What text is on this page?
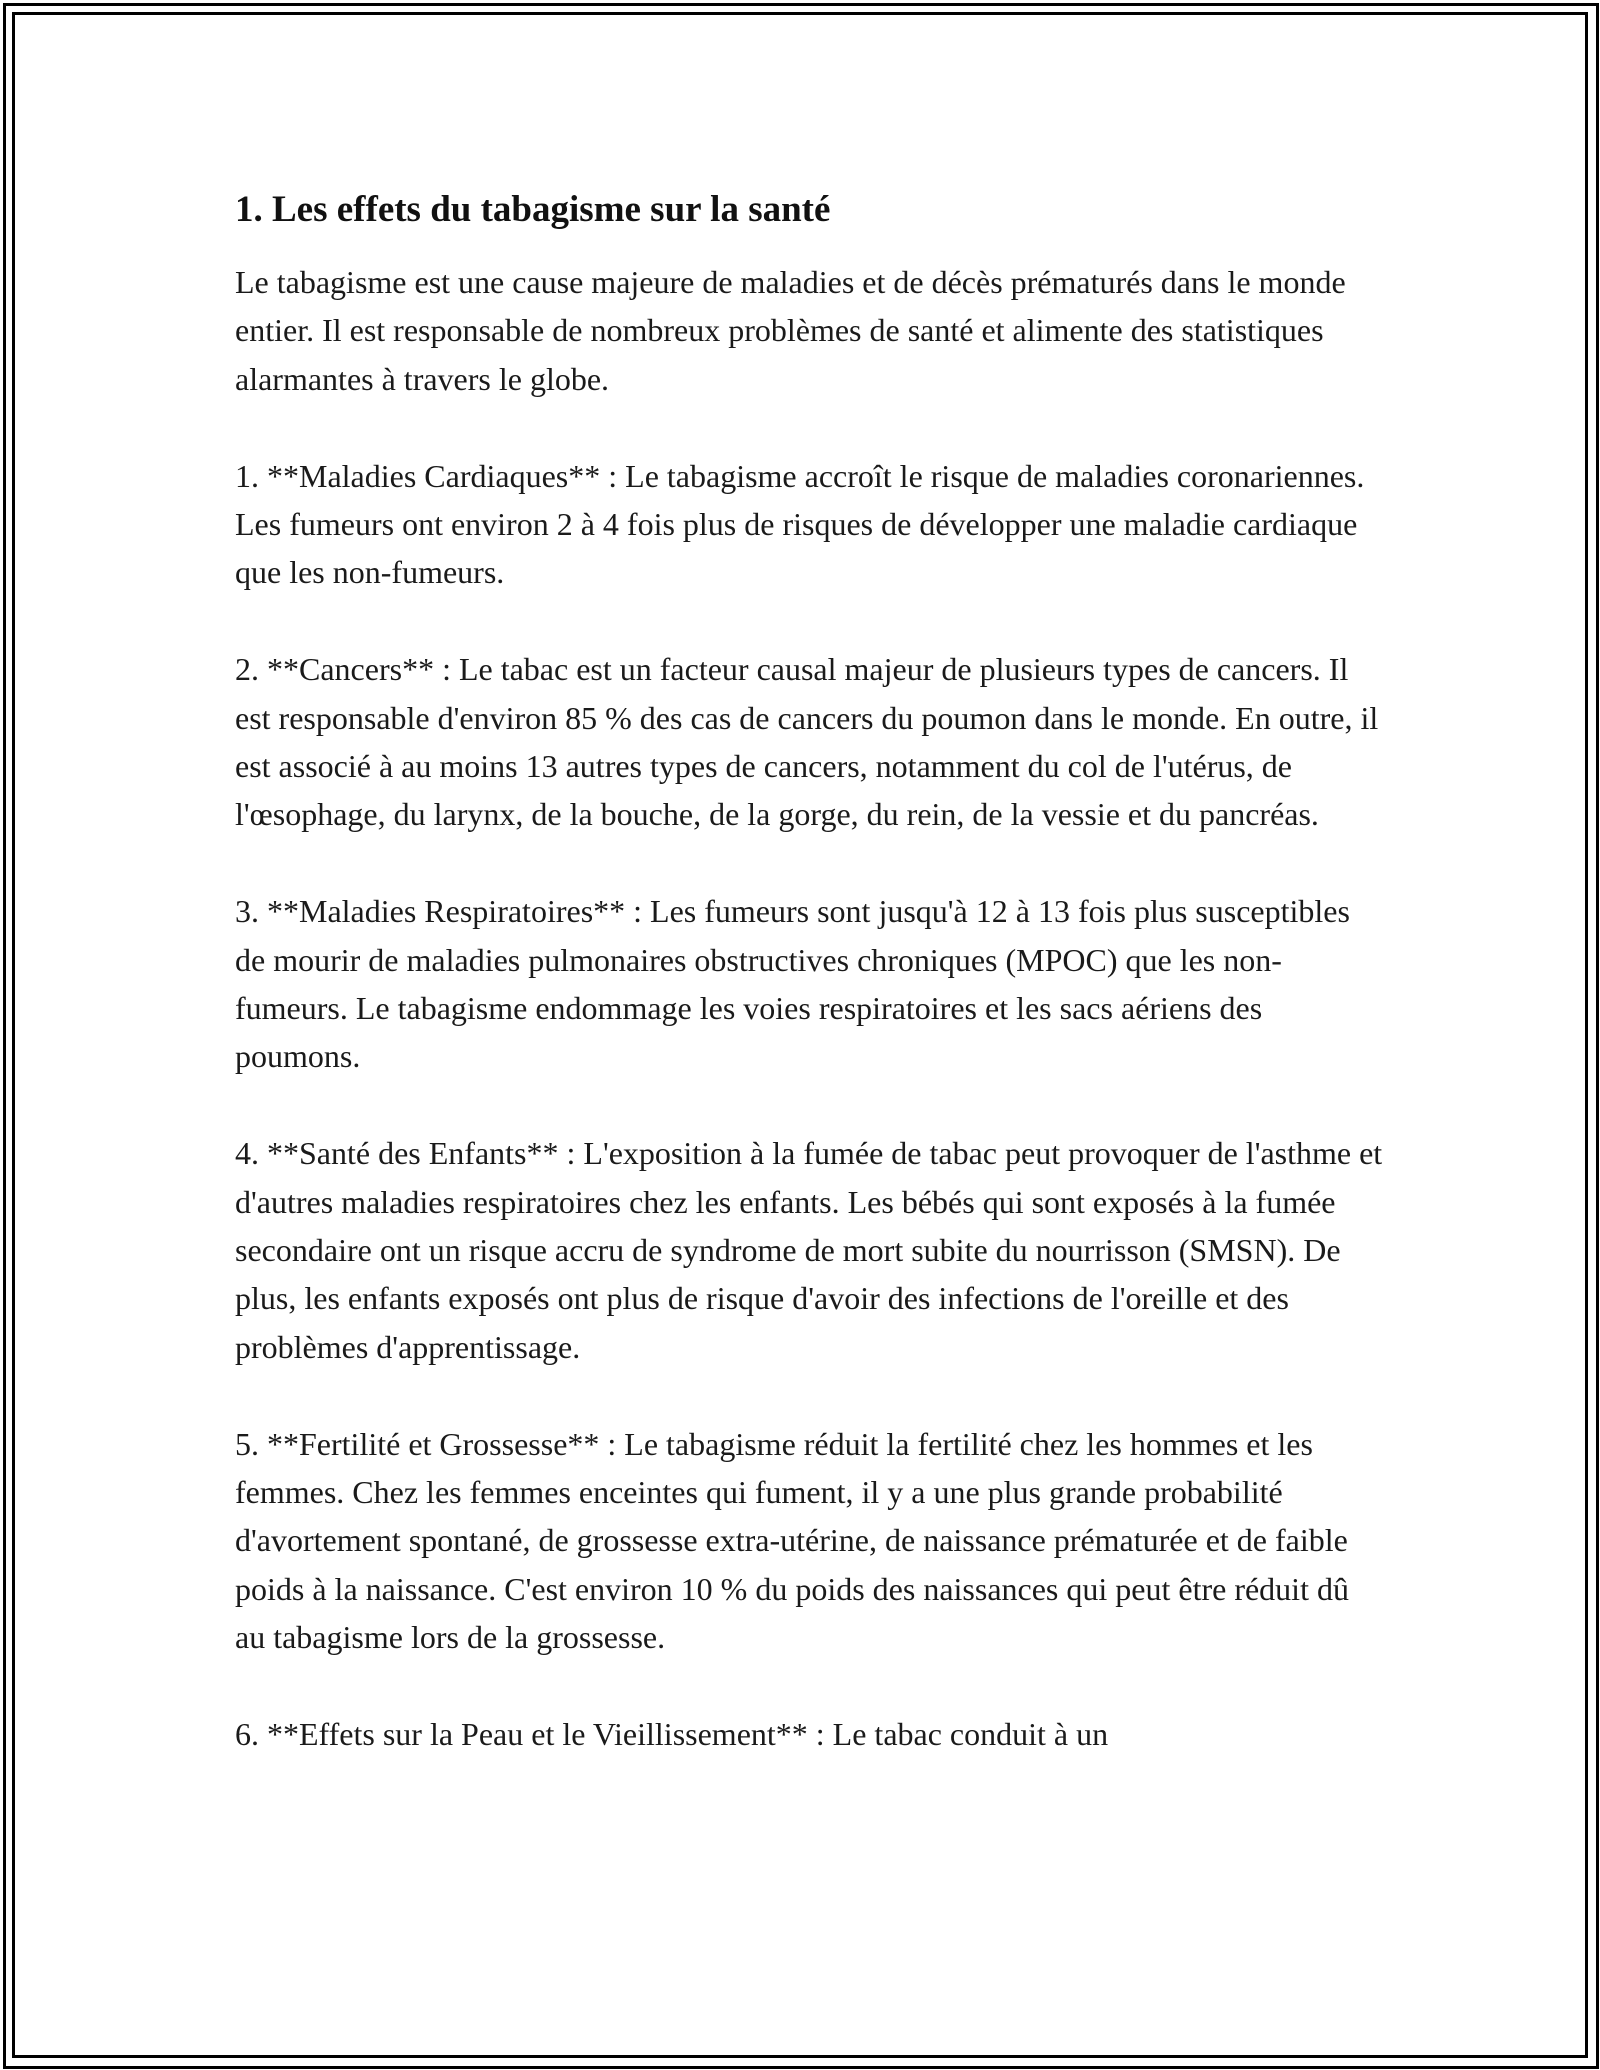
1. Les effets du tabagisme sur la santé

Le tabagisme est une cause majeure de maladies et de décès prématurés dans le monde entier. Il est responsable de nombreux problèmes de santé et alimente des statistiques alarmantes à travers le globe.

1. **Maladies Cardiaques** : Le tabagisme accroît le risque de maladies coronariennes. Les fumeurs ont environ 2 à 4 fois plus de risques de développer une maladie cardiaque que les non-fumeurs.

2. **Cancers** : Le tabac est un facteur causal majeur de plusieurs types de cancers. Il est responsable d'environ 85 % des cas de cancers du poumon dans le monde. En outre, il est associé à au moins 13 autres types de cancers, notamment du col de l'utérus, de l'œsophage, du larynx, de la bouche, de la gorge, du rein, de la vessie et du pancréas.

3. **Maladies Respiratoires** : Les fumeurs sont jusqu'à 12 à 13 fois plus susceptibles de mourir de maladies pulmonaires obstructives chroniques (MPOC) que les non-fumeurs. Le tabagisme endommage les voies respiratoires et les sacs aériens des poumons.

4. **Santé des Enfants** : L'exposition à la fumée de tabac peut provoquer de l'asthme et d'autres maladies respiratoires chez les enfants. Les bébés qui sont exposés à la fumée secondaire ont un risque accru de syndrome de mort subite du nourrisson (SMSN). De plus, les enfants exposés ont plus de risque d'avoir des infections de l'oreille et des problèmes d'apprentissage.

5. **Fertilité et Grossesse** : Le tabagisme réduit la fertilité chez les hommes et les femmes. Chez les femmes enceintes qui fument, il y a une plus grande probabilité d'avortement spontané, de grossesse extra-utérine, de naissance prématurée et de faible poids à la naissance. C'est environ 10 % du poids des naissances qui peut être réduit dû au tabagisme lors de la grossesse.

6. **Effets sur la Peau et le Vieillissement** : Le tabac conduit à un
